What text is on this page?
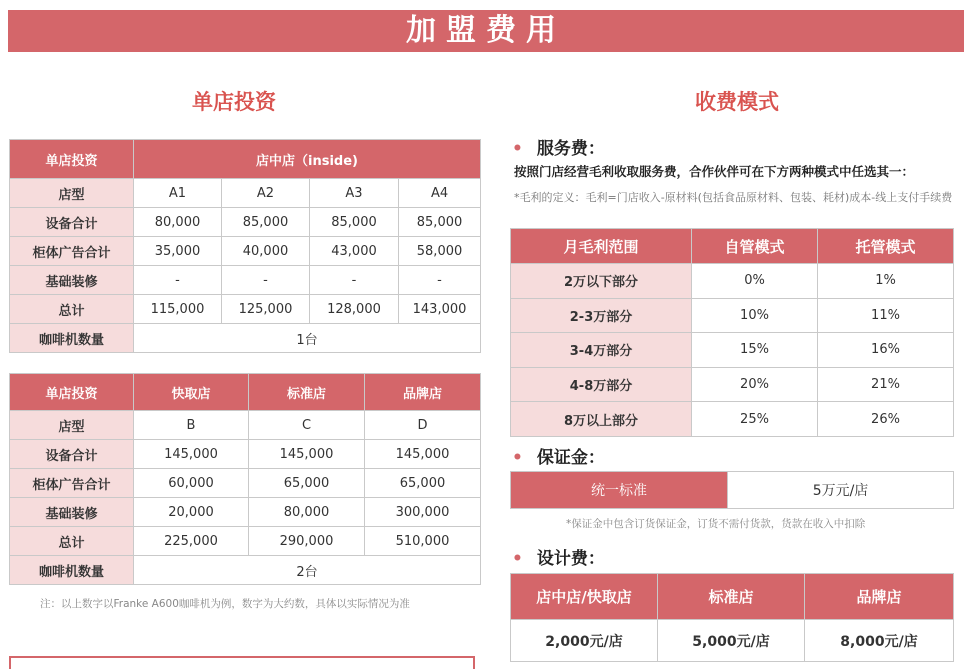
加盟费用
单店投资	收费模式
单店投资	店中店（inside)			
店型	A1	A2	A3	A4
设备合计	80,000	85,000	85,000	85,000
柜体广告合计	35,000	40,000	43,000	58,000
基础装修	-	-	-	-
总计	115,000	125,000	128,000	143,000
咖啡机数量	1台			
单店投资	快取店	标准店	品牌店
店型	B	C	D
设备合计	145,000	145,000	145,000
柜体广告合计	60,000	65,000	65,000
基础装修	20,000	80,000	300,000
总计	225,000	290,000	510,000
咖啡机数量	2台		
注：以上数字以Franke A600咖啡机为例，数字为大约数，具体以实际情况为准
• 服务费：
按照门店经营毛利收取服务费，合作伙伴可在下方两种模式中任选其一：
*毛利的定义：毛利=门店收入-原材料(包括食品原材料、包装、耗材)成本-线上支付手续费
月毛利范围	自管模式	托管模式
2万以下部分	0%	1%
2-3万部分	10%	11%
3-4万部分	15%	16%
4-8万部分	20%	21%
8万以上部分	25%	26%
• 保证金：
统一标准	5万元/店
*保证金中包含订货保证金，订货不需付货款，货款在收入中扣除
• 设计费：
店中店/快取店	标准店	品牌店
2,000元/店	5,000元/店	8,000元/店
